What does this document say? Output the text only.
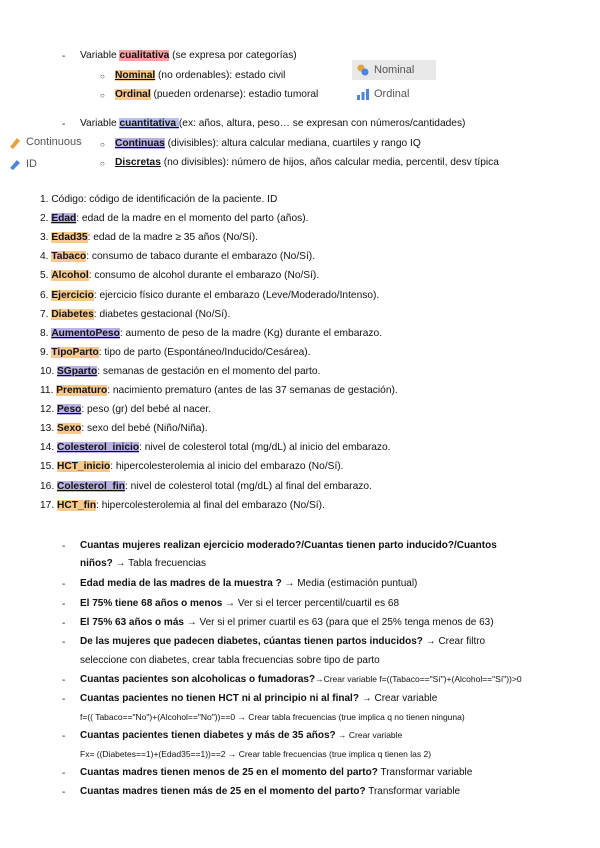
- Variable cualitativa (se expresa por categorías)
○ Nominal (no ordenables): estado civil
○ Ordinal (pueden ordenarse): estadio tumoral
Nominal
Ordinal
- Variable cuantitativa (ex: años, altura, peso… se expresan con números/cantidades)
Continuous
ID
○ Continuas (divisibles): altura calcular mediana, cuartiles y rango IQ
○ Discretas (no divisibles): número de hijos, años calcular media, percentil, desv típica
1. Código: código de identificación de la paciente. ID
2. Edad: edad de la madre en el momento del parto (años).
3. Edad35: edad de la madre ≥ 35 años (No/Sí).
4. Tabaco: consumo de tabaco durante el embarazo (No/Sí).
5. Alcohol: consumo de alcohol durante el embarazo (No/Sí).
6. Ejercicio: ejercicio físico durante el embarazo (Leve/Moderado/Intenso).
7. Diabetes: diabetes gestacional (No/Sí).
8. AumentoPeso: aumento de peso de la madre (Kg) durante el embarazo.
9. TipoParto: tipo de parto (Espontáneo/Inducido/Cesárea).
10. SGparto: semanas de gestación en el momento del parto.
11. Prematuro: nacimiento prematuro (antes de las 37 semanas de gestación).
12. Peso: peso (gr) del bebé al nacer.
13. Sexo: sexo del bebé (Niño/Niña).
14. Colesterol_inicio: nivel de colesterol total (mg/dL) al inicio del embarazo.
15. HCT_inicio: hipercolesterolemia al inicio del embarazo (No/Sí).
16. Colesterol_fin: nivel de colesterol total (mg/dL) al final del embarazo.
17. HCT_fin: hipercolesterolemia al final del embarazo (No/Sí).
- Cuantas mujeres realizan ejercicio moderado?/Cuantas tienen parto inducido?/Cuantos
niños? → Tabla frecuencias
- Edad media de las madres de la muestra ? → Media (estimación puntual)
- El 75% tiene 68 años o menos → Ver si el tercer percentil/cuartil es 68
- El 75% 63 años o más → Ver si el primer cuartil es 63 (para que el 25% tenga menos de 63)
- De las mujeres que padecen diabetes, cúantas tienen partos inducidos? → Crear filtro
seleccione con diabetes, crear tabla frecuencias sobre tipo de parto
- Cuantas pacientes son alcoholicas o fumadoras?→Crear variable f=((Tabaco=="Sí")+(Alcohol=="Sí"))>0
- Cuantas pacientes no tienen HCT ni al principio ni al final? → Crear variable
f=(( Tabaco=="No")+(Alcohol=="No"))==0 → Crear tabla frecuencias (true implica q no tienen ninguna)
- Cuantas pacientes tienen diabetes y más de 35 años? → Crear variable
Fx= ((Diabetes==1)+(Edad35==1))==2 → Crear table frecuencias (true implica q tienen las 2)
- Cuantas madres tienen menos de 25 en el momento del parto? Transformar variable
- Cuantas madres tienen más de 25 en el momento del parto? Transformar variable
